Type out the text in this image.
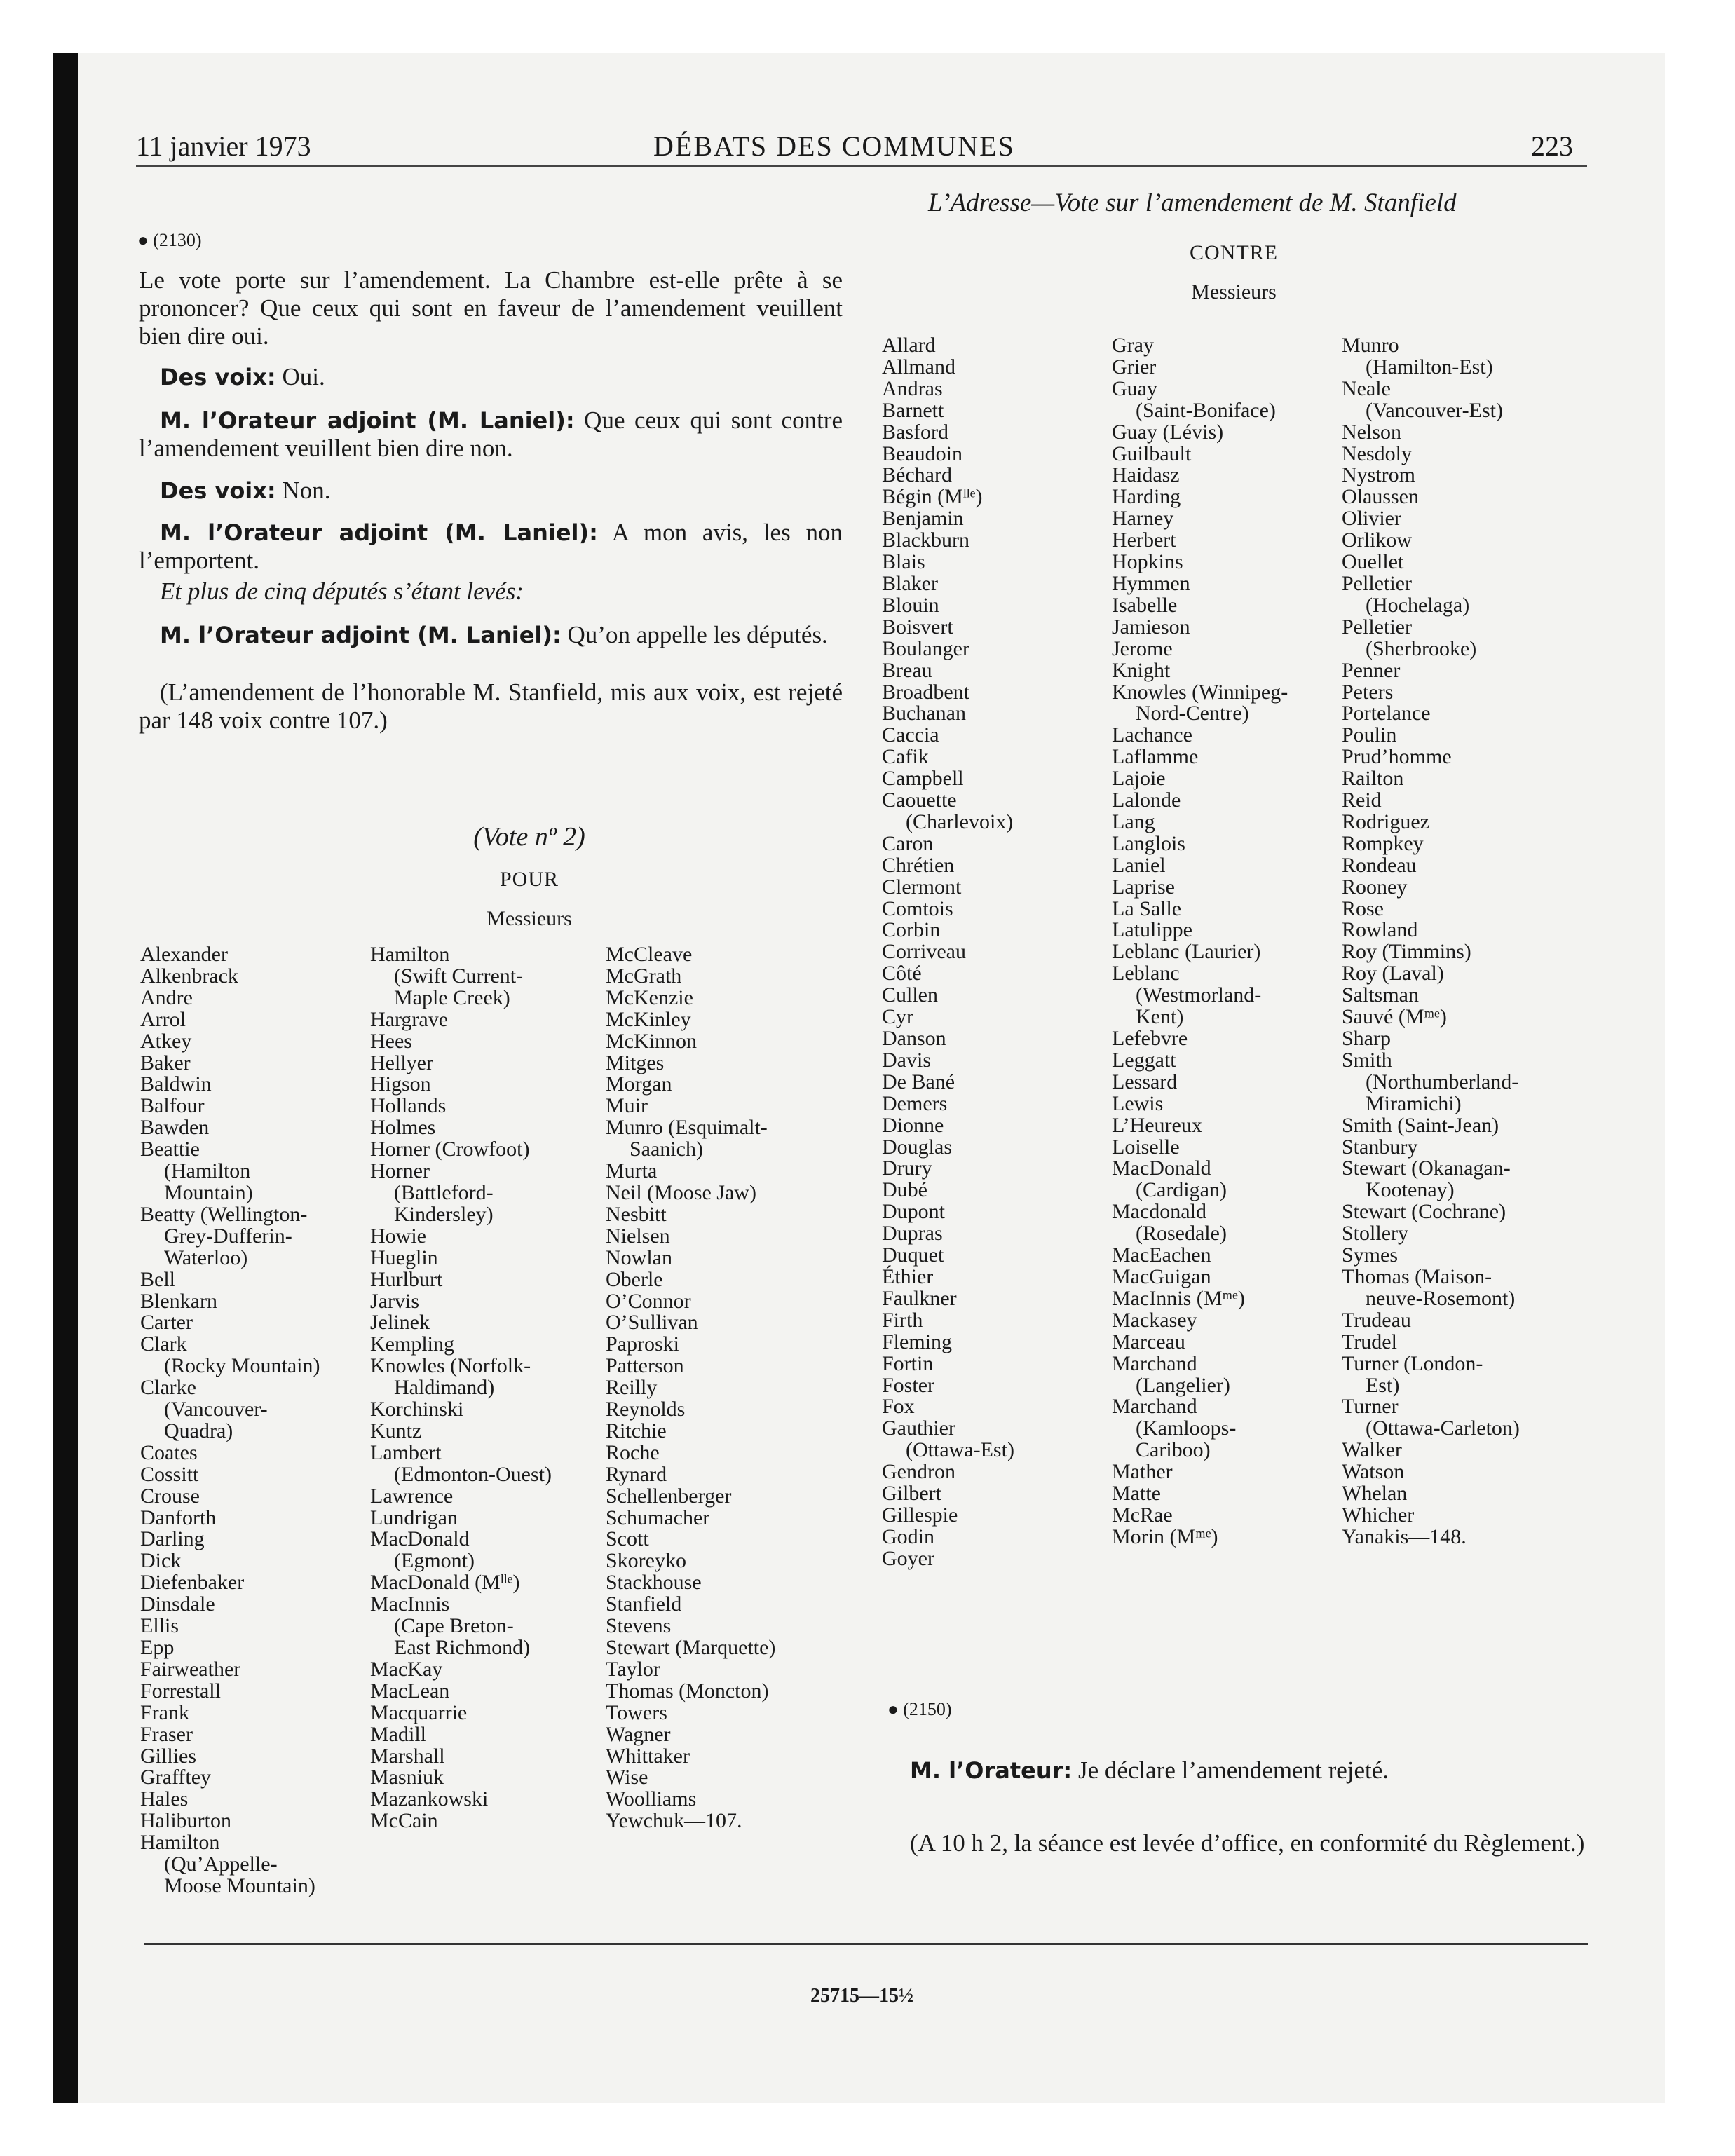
11 janvier 1973	DÉBATS DES COMMUNES	223
● (2130)
Le vote porte sur l’amendement. La Chambre est-elle prête à se prononcer? Que ceux qui sont en faveur de l’amendement veuillent bien dire oui.
Des voix: Oui.
M. l’Orateur adjoint (M. Laniel): Que ceux qui sont contre l’amendement veuillent bien dire non.
Des voix: Non.
M. l’Orateur adjoint (M. Laniel): A mon avis, les non l’emportent.
Et plus de cinq députés s’étant levés:
M. l’Orateur adjoint (M. Laniel): Qu’on appelle les députés.
(L’amendement de l’honorable M. Stanfield, mis aux voix, est rejeté par 148 voix contre 107.)
(Vote nº 2)
POUR
Messieurs
Alexander
Alkenbrack
Andre
Arrol
Atkey
Baker
Baldwin
Balfour
Bawden
Beattie
(Hamilton
Mountain)
Beatty (Wellington-
Grey-Dufferin-
Waterloo)
Bell
Blenkarn
Carter
Clark
(Rocky Mountain)
Clarke
(Vancouver-
Quadra)
Coates
Cossitt
Crouse
Danforth
Darling
Dick
Diefenbaker
Dinsdale
Ellis
Epp
Fairweather
Forrestall
Frank
Fraser
Gillies
Grafftey
Hales
Haliburton
Hamilton
(Qu’Appelle-
Moose Mountain)
Hamilton
(Swift Current-
Maple Creek)
Hargrave
Hees
Hellyer
Higson
Hollands
Holmes
Horner (Crowfoot)
Horner
(Battleford-
Kindersley)
Howie
Hueglin
Hurlburt
Jarvis
Jelinek
Kempling
Knowles (Norfolk-
Haldimand)
Korchinski
Kuntz
Lambert
(Edmonton-Ouest)
Lawrence
Lundrigan
MacDonald
(Egmont)
MacDonald (Mˡˡᵉ)
MacInnis
(Cape Breton-
East Richmond)
MacKay
MacLean
Macquarrie
Madill
Marshall
Masniuk
Mazankowski
McCain
McCleave
McGrath
McKenzie
McKinley
McKinnon
Mitges
Morgan
Muir
Munro (Esquimalt-
Saanich)
Murta
Neil (Moose Jaw)
Nesbitt
Nielsen
Nowlan
Oberle
O’Connor
O’Sullivan
Paproski
Patterson
Reilly
Reynolds
Ritchie
Roche
Rynard
Schellenberger
Schumacher
Scott
Skoreyko
Stackhouse
Stanfield
Stevens
Stewart (Marquette)
Taylor
Thomas (Moncton)
Towers
Wagner
Whittaker
Wise
Woolliams
Yewchuk—107.
L’Adresse—Vote sur l’amendement de M. Stanfield
CONTRE
Messieurs
Allard
Allmand
Andras
Barnett
Basford
Beaudoin
Béchard
Bégin (Mˡˡᵉ)
Benjamin
Blackburn
Blais
Blaker
Blouin
Boisvert
Boulanger
Breau
Broadbent
Buchanan
Caccia
Cafik
Campbell
Caouette
(Charlevoix)
Caron
Chrétien
Clermont
Comtois
Corbin
Corriveau
Côté
Cullen
Cyr
Danson
Davis
De Bané
Demers
Dionne
Douglas
Drury
Dubé
Dupont
Dupras
Duquet
Éthier
Faulkner
Firth
Fleming
Fortin
Foster
Fox
Gauthier
(Ottawa-Est)
Gendron
Gilbert
Gillespie
Godin
Goyer
Gray
Grier
Guay
(Saint-Boniface)
Guay (Lévis)
Guilbault
Haidasz
Harding
Harney
Herbert
Hopkins
Hymmen
Isabelle
Jamieson
Jerome
Knight
Knowles (Winnipeg-
Nord-Centre)
Lachance
Laflamme
Lajoie
Lalonde
Lang
Langlois
Laniel
Laprise
La Salle
Latulippe
Leblanc (Laurier)
Leblanc
(Westmorland-
Kent)
Lefebvre
Leggatt
Lessard
Lewis
L’Heureux
Loiselle
MacDonald
(Cardigan)
Macdonald
(Rosedale)
MacEachen
MacGuigan
MacInnis (Mᵐᵉ)
Mackasey
Marceau
Marchand
(Langelier)
Marchand
(Kamloops-
Cariboo)
Mather
Matte
McRae
Morin (Mᵐᵉ)
Munro
(Hamilton-Est)
Neale
(Vancouver-Est)
Nelson
Nesdoly
Nystrom
Olaussen
Olivier
Orlikow
Ouellet
Pelletier
(Hochelaga)
Pelletier
(Sherbrooke)
Penner
Peters
Portelance
Poulin
Prud’homme
Railton
Reid
Rodriguez
Rompkey
Rondeau
Rooney
Rose
Rowland
Roy (Timmins)
Roy (Laval)
Saltsman
Sauvé (Mᵐᵉ)
Sharp
Smith
(Northumberland-
Miramichi)
Smith (Saint-Jean)
Stanbury
Stewart (Okanagan-
Kootenay)
Stewart (Cochrane)
Stollery
Symes
Thomas (Maison-
neuve-Rosemont)
Trudeau
Trudel
Turner (London-
Est)
Turner
(Ottawa-Carleton)
Walker
Watson
Whelan
Whicher
Yanakis—148.
● (2150)
M. l’Orateur: Je déclare l’amendement rejeté.
(A 10 h 2, la séance est levée d’office, en conformité du Règlement.)
25715—15½
